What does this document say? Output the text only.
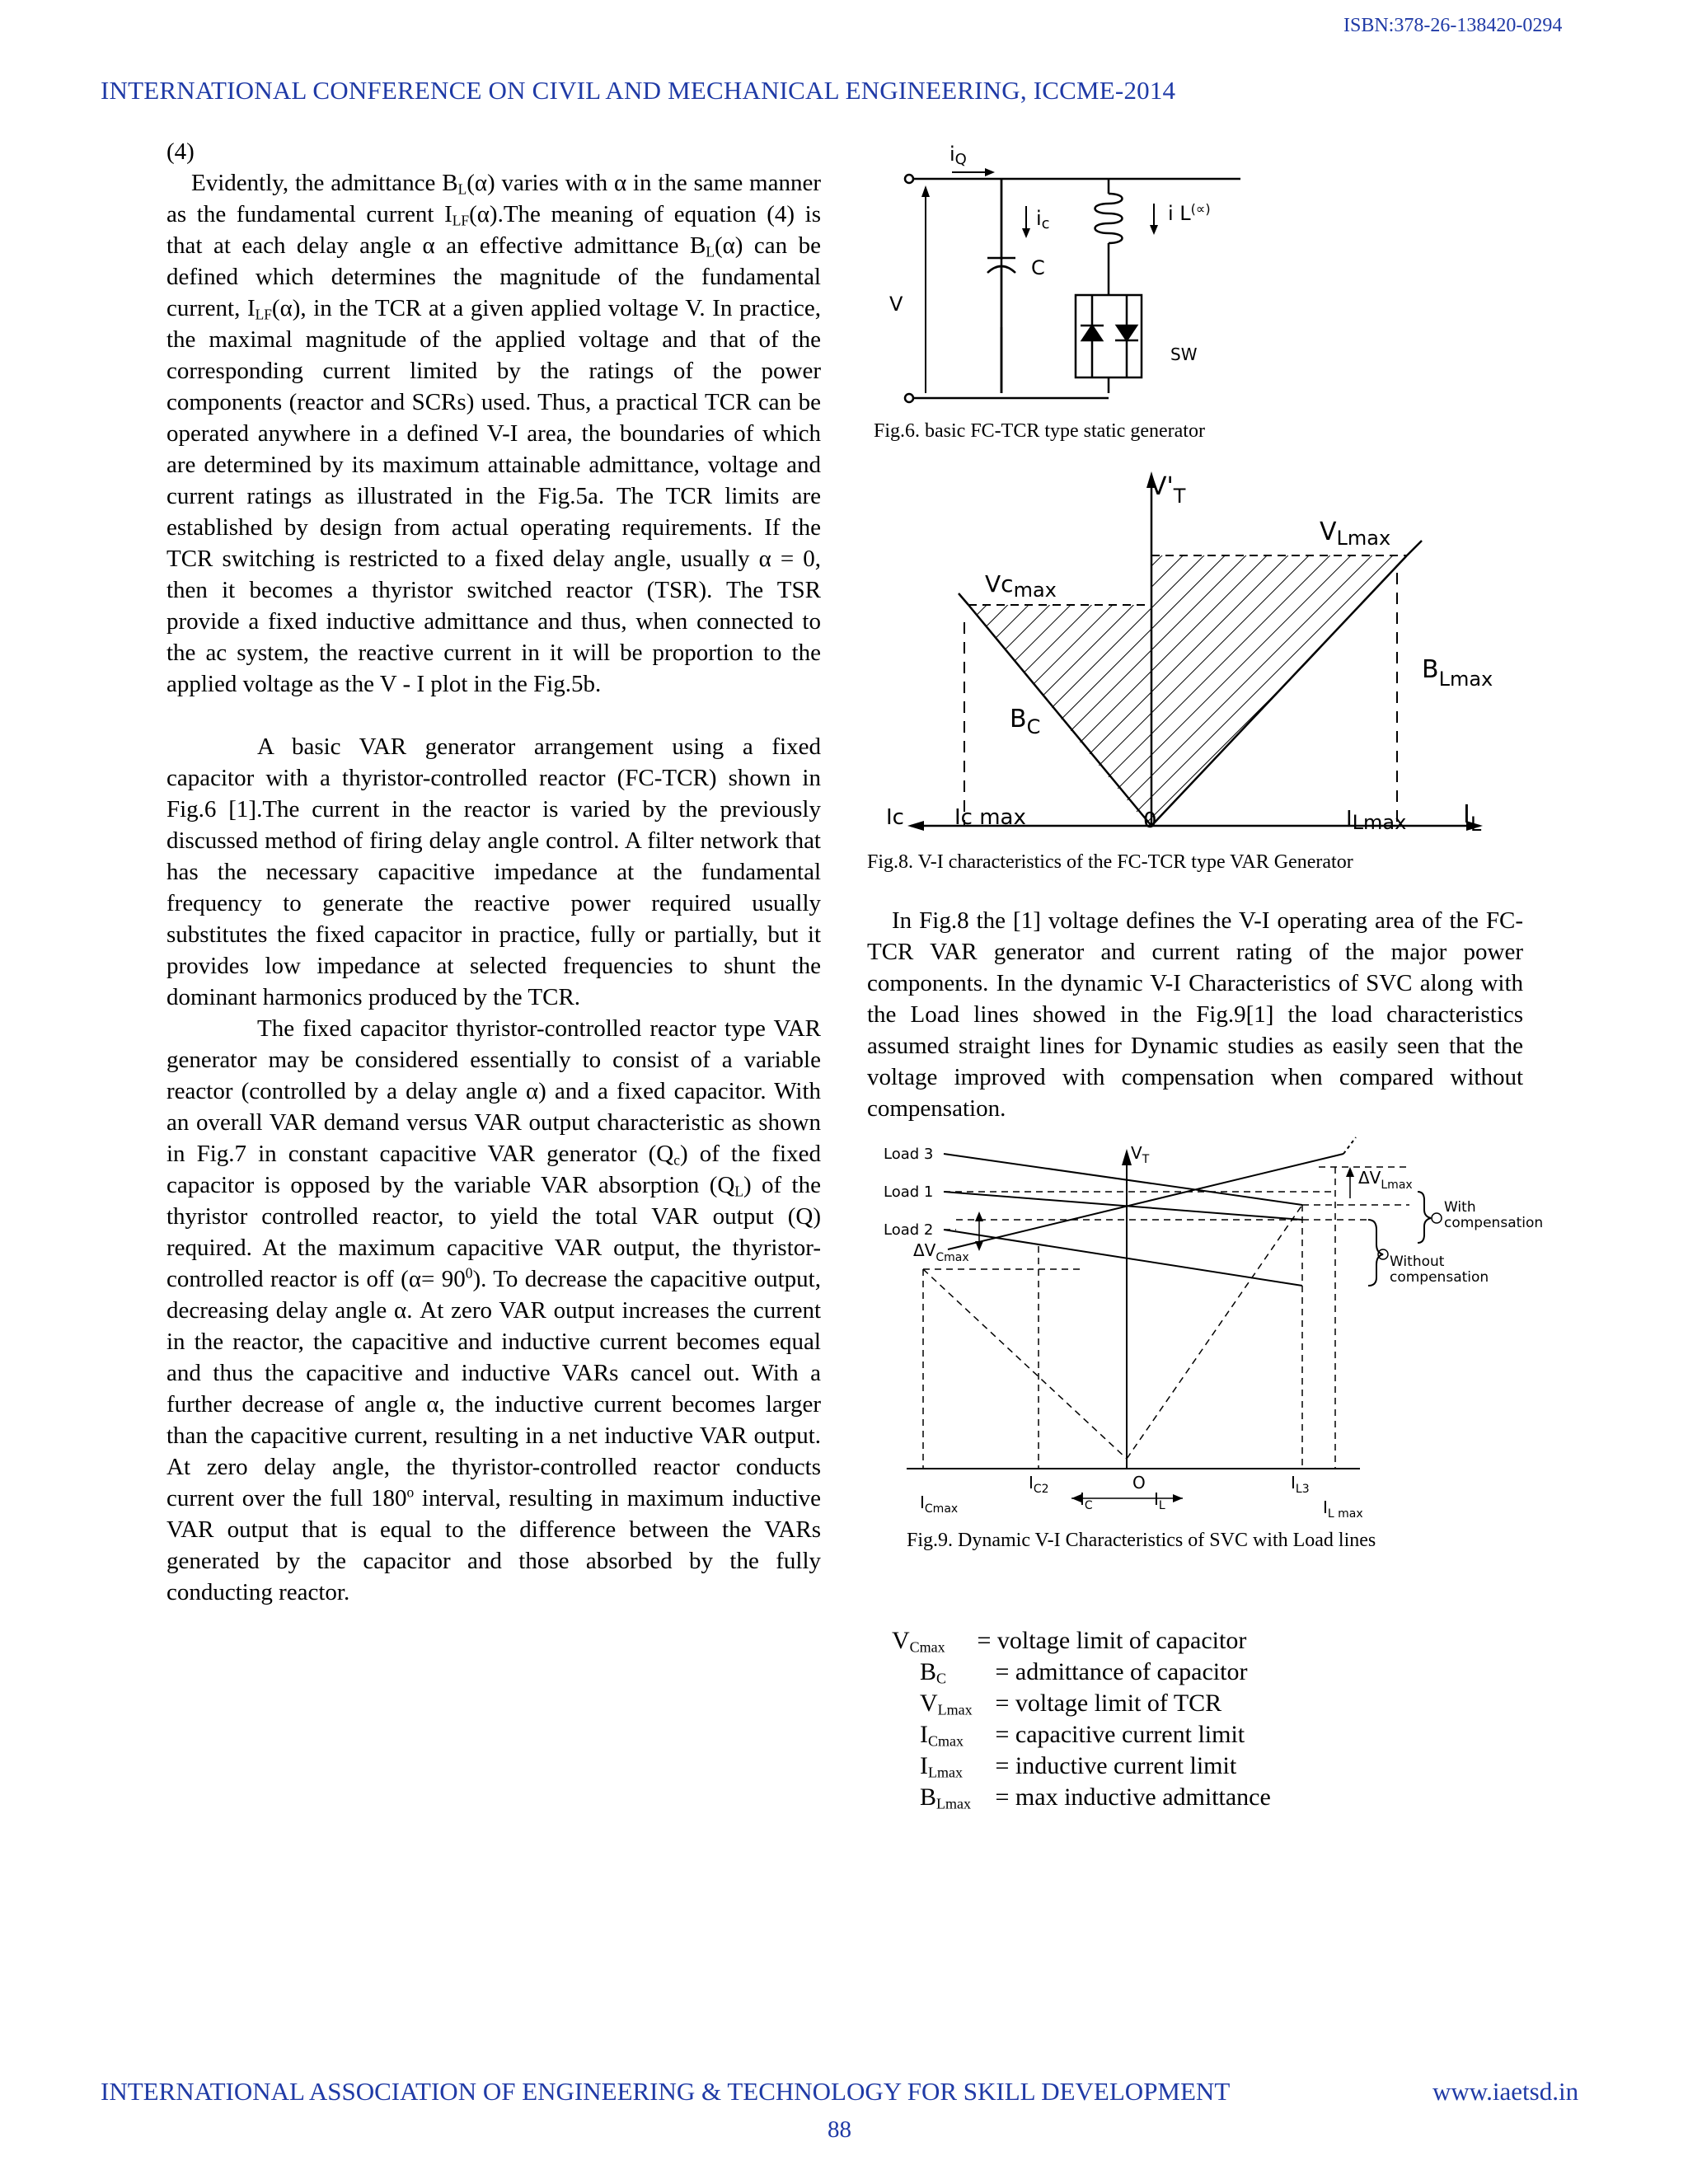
ISBN:378-26-138420-0294
INTERNATIONAL CONFERENCE ON CIVIL AND MECHANICAL ENGINEERING, ICCME-2014

(4)

Evidently, the admittance $B_L(\alpha)$ varies with α in the same manner as the fundamental current $I_{LF}(\alpha).The$ meaning of equation (4) is that at each delay angle α an effective admittance $B_L(\alpha)$ can be defined which determines the magnitude of the fundamental current, $I_{LF}(\alpha)$, in the TCR at a given applied voltage V. In practice, the maximal magnitude of the applied voltage and that of the corresponding current limited by the ratings of the power components (reactor and SCRs) used. Thus, a practical TCR can be operated anywhere in a defined V-I area, the boundaries of which are determined by its maximum attainable admittance, voltage and current ratings as illustrated in the Fig.5a. The TCR limits are established by design from actual operating requirements. If the TCR switching is restricted to a fixed delay angle, usually α = 0, then it becomes a thyristor switched reactor (TSR). The TSR provide a fixed inductive admittance and thus, when connected to the ac system, the reactive current in it will be proportion to the applied voltage as the V - I plot in the Fig.5b.

A basic VAR generator arrangement using a fixed capacitor with a thyristor-controlled reactor (FC-TCR) shown in Fig.6 [1].The current in the reactor is varied by the previously discussed method of firing delay angle control. A filter network that has the necessary capacitive impedance at the fundamental frequency to generate the reactive power required usually substitutes the fixed capacitor in practice, fully or partially, but it provides low impedance at selected frequencies to shunt the dominant harmonics produced by the TCR.

The fixed capacitor thyristor-controlled reactor type VAR generator may be considered essentially to consist of a variable reactor (controlled by a delay angle α) and a fixed capacitor. With an overall VAR demand versus VAR output characteristic as shown in Fig.7 in constant capacitive VAR generator $(Q_c)$ of the fixed capacitor is opposed by the variable VAR absorption $(Q_L)$ of the thyristor controlled reactor, to yield the total VAR output (Q) required. At the maximum capacitive VAR output, the thyristor-controlled reactor is off $(\alpha= 90^0)$. To decrease the capacitive output, decreasing delay angle α. At zero VAR output increases the current in the reactor, the capacitive and inductive current becomes equal and thus the capacitive and inductive VARs cancel out. With a further decrease of angle α, the inductive current becomes larger than the capacitive current, resulting in a net inductive VAR output. At zero delay angle, the thyristor-controlled reactor conducts current over the full 180$^o$ interval, resulting in maximum inductive VAR output that is equal to the difference between the VARs generated by the capacitor and those absorbed by the fully conducting reactor.

iQ
ic	i L(∝)
C
V
SW
Fig.6. basic FC-TCR type static generator
$V'_T$
$V_{Lmax}$
Vcmax
$B_{Lmax}$
$B_C$
Ic Ic max	0	ILmax $I_L$
Fig.8. V-I characteristics of the FC-TCR type VAR Generator

In Fig.8 the [1] voltage defines the V-I operating area of the FC-TCR VAR generator and current rating of the major power components. In the dynamic V-I Characteristics of SVC along with the Load lines showed in the Fig.9[1] the load characteristics assumed straight lines for Dynamic studies as easily seen that the voltage improved with compensation when compared without compensation.

Load 3
Load 1
Load 2
$V_T$
$\Delta V_{Lmax}$
With
compensation
$\Delta V_{Cmax}$	Without
compensation
$I_{C2}$	O	$I_{L3}$
$I_{Cmax}$	$I_C$	$I_L$	$I_{L max}$
Fig.9. Dynamic V-I Characteristics of SVC with Load lines
$V_{Cmax}$ = voltage limit of capacitor
$B_C$ = admittance of capacitor
$V_{Lmax}$ = voltage limit of TCR
$I_{Cmax}$ = capacitive current limit
$I_{Lmax}$ = inductive current limit
$B_{Lmax} = \max$ inductive admittance
INTERNATIONAL ASSOCIATION OF ENGINEERING & TECHNOLOGY FOR SKILL DEVELOPMENT	www.iaetsd.in
88
